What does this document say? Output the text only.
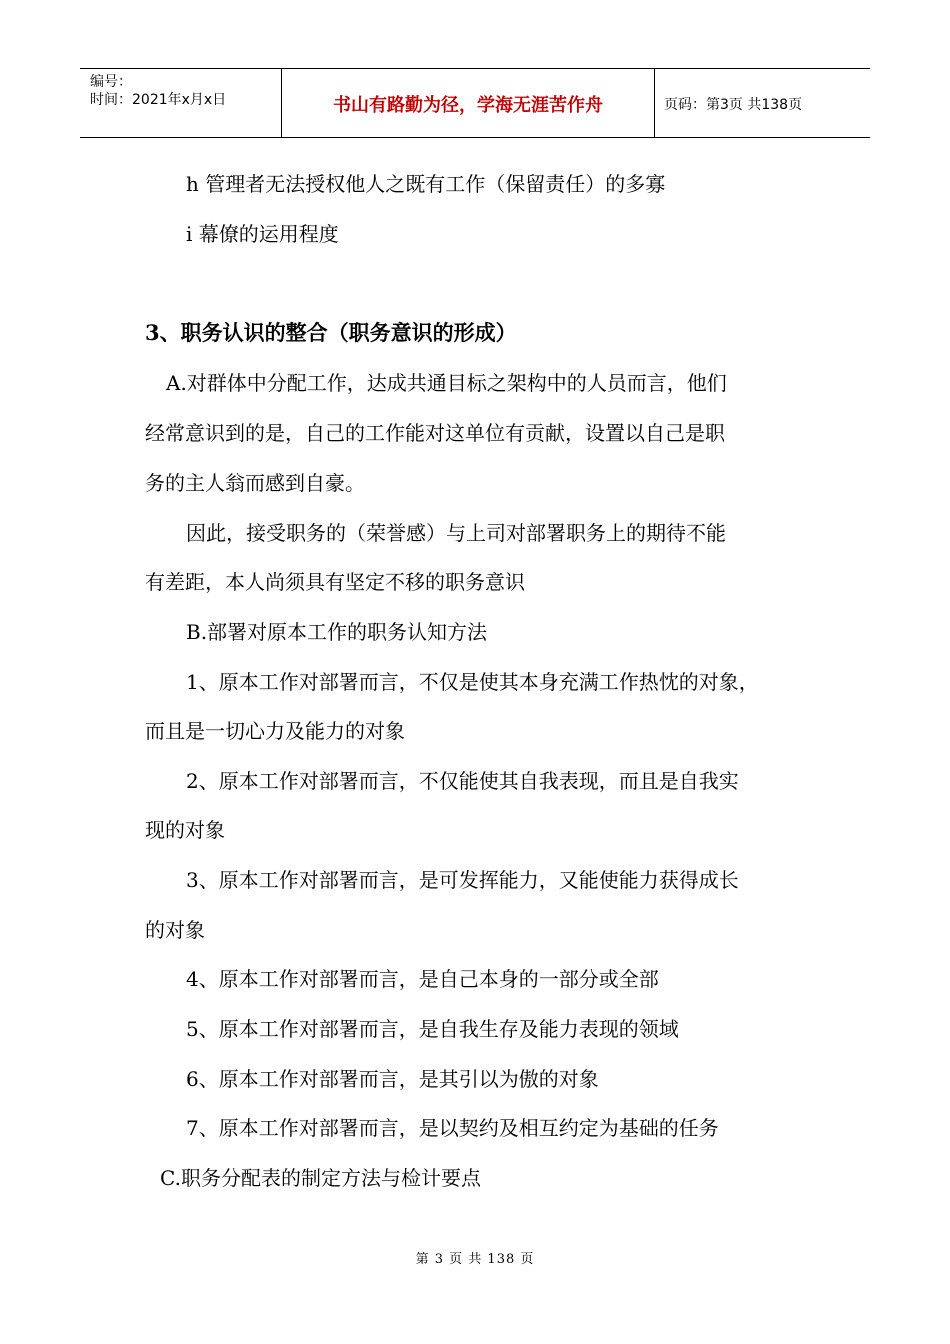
编号：
时间：2021年x月x日	书山有路勤为径，学海无涯苦作舟	页码：第3页 共138页
h 管理者无法授权他人之既有工作（保留责任）的多寡
i 幕僚的运用程度
3、职务认识的整合（职务意识的形成）
A.对群体中分配工作，达成共通目标之架构中的人员而言，他们
经常意识到的是，自己的工作能对这单位有贡献，设置以自己是职
务的主人翁而感到自豪。
因此，接受职务的（荣誉感）与上司对部署职务上的期待不能
有差距，本人尚须具有坚定不移的职务意识
B.部署对原本工作的职务认知方法
1、原本工作对部署而言，不仅是使其本身充满工作热忱的对象，
而且是一切心力及能力的对象
2、原本工作对部署而言，不仅能使其自我表现，而且是自我实
现的对象
3、原本工作对部署而言，是可发挥能力，又能使能力获得成长
的对象
4、原本工作对部署而言，是自己本身的一部分或全部
5、原本工作对部署而言，是自我生存及能力表现的领域
6、原本工作对部署而言，是其引以为傲的对象
7、原本工作对部署而言，是以契约及相互约定为基础的任务
C.职务分配表的制定方法与检计要点
第 3 页 共 138 页
